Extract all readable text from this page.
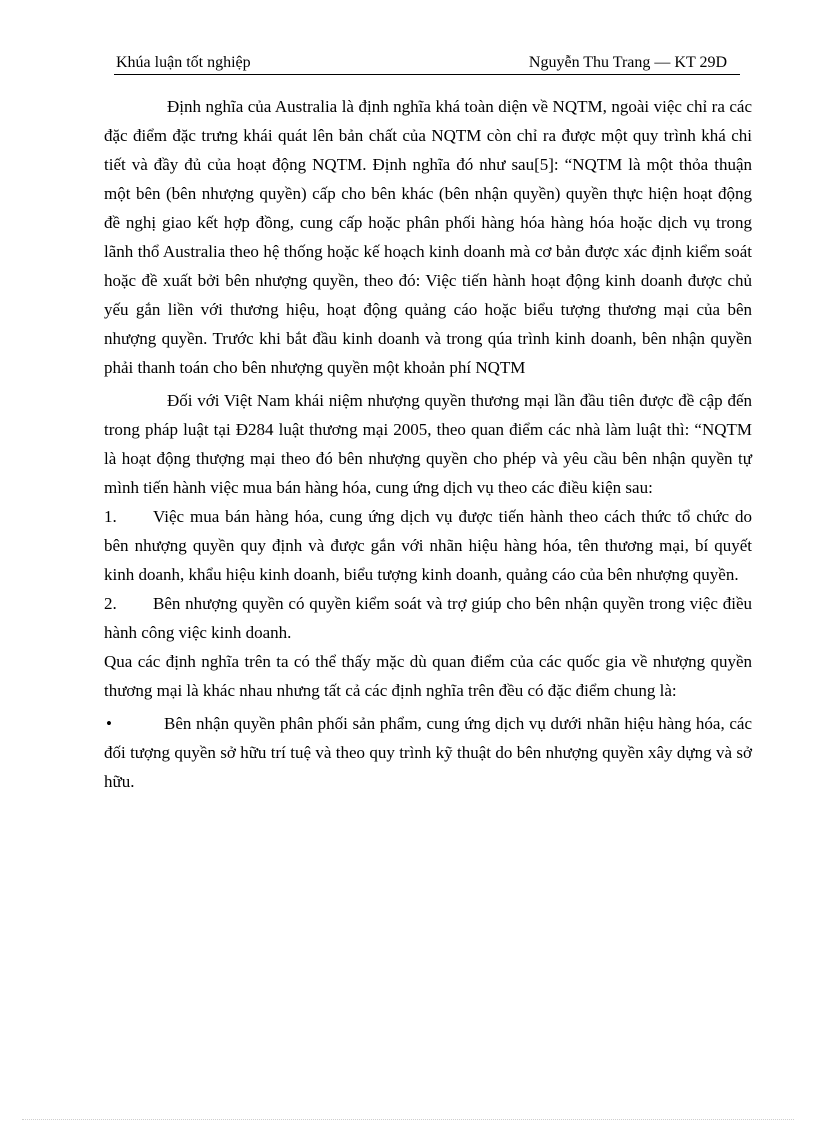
Khúa luận tốt nghiệp	Nguyễn Thu Trang — KT 29D

Định nghĩa của Australia là định nghĩa khá toàn diện về NQTM, ngoài việc chỉ ra các đặc điểm đặc trưng khái quát lên bản chất của NQTM còn chỉ ra được một quy trình khá chi tiết và đầy đủ của hoạt động NQTM. Định nghĩa đó như sau[5]: “NQTM là một thỏa thuận một bên (bên nhượng quyền) cấp cho bên khác (bên nhận quyền) quyền thực hiện hoạt động đề nghị giao kết hợp đồng, cung cấp hoặc phân phối hàng hóa hàng hóa hoặc dịch vụ trong lãnh thổ Australia theo hệ thống hoặc kế hoạch kinh doanh mà cơ bản được xác định kiểm soát hoặc đề xuất bởi bên nhượng quyền, theo đó: Việc tiến hành hoạt động kinh doanh được chủ yếu gắn liền với thương hiệu, hoạt động quảng cáo hoặc biểu tượng thương mại của bên nhượng quyền. Trước khi bắt đầu kinh doanh và trong qúa trình kinh doanh, bên nhận quyền phải thanh toán cho bên nhượng quyền một khoản phí NQTM

Đối với Việt Nam khái niệm nhượng quyền thương mại lần đầu tiên được đề cập đến trong pháp luật tại Đ284 luật thương mại 2005, theo quan điểm các nhà làm luật thì: “NQTM là hoạt động thượng mại theo đó bên nhượng quyền cho phép và yêu cầu bên nhận quyền tự mình tiến hành việc mua bán hàng hóa, cung ứng dịch vụ theo các điều kiện sau:

1. Việc mua bán hàng hóa, cung ứng dịch vụ được tiến hành theo cách thức tổ chức do bên nhượng quyền quy định và được gắn với nhãn hiệu hàng hóa, tên thương mại, bí quyết kinh doanh, khẩu hiệu kinh doanh, biểu tượng kinh doanh, quảng cáo của bên nhượng quyền.

2. Bên nhượng quyền có quyền kiểm soát và trợ giúp cho bên nhận quyền trong việc điều hành công việc kinh doanh.

Qua các định nghĩa trên ta có thể thấy mặc dù quan điểm của các quốc gia về nhượng quyền thương mại là khác nhau nhưng tất cả các định nghĩa trên đều có đặc điểm chung là:

•	Bên nhận quyền phân phối sản phẩm, cung ứng dịch vụ dưới nhãn hiệu hàng hóa, các đối tượng quyền sở hữu trí tuệ và theo quy trình kỹ thuật do bên nhượng quyền xây dựng và sở hữu.
